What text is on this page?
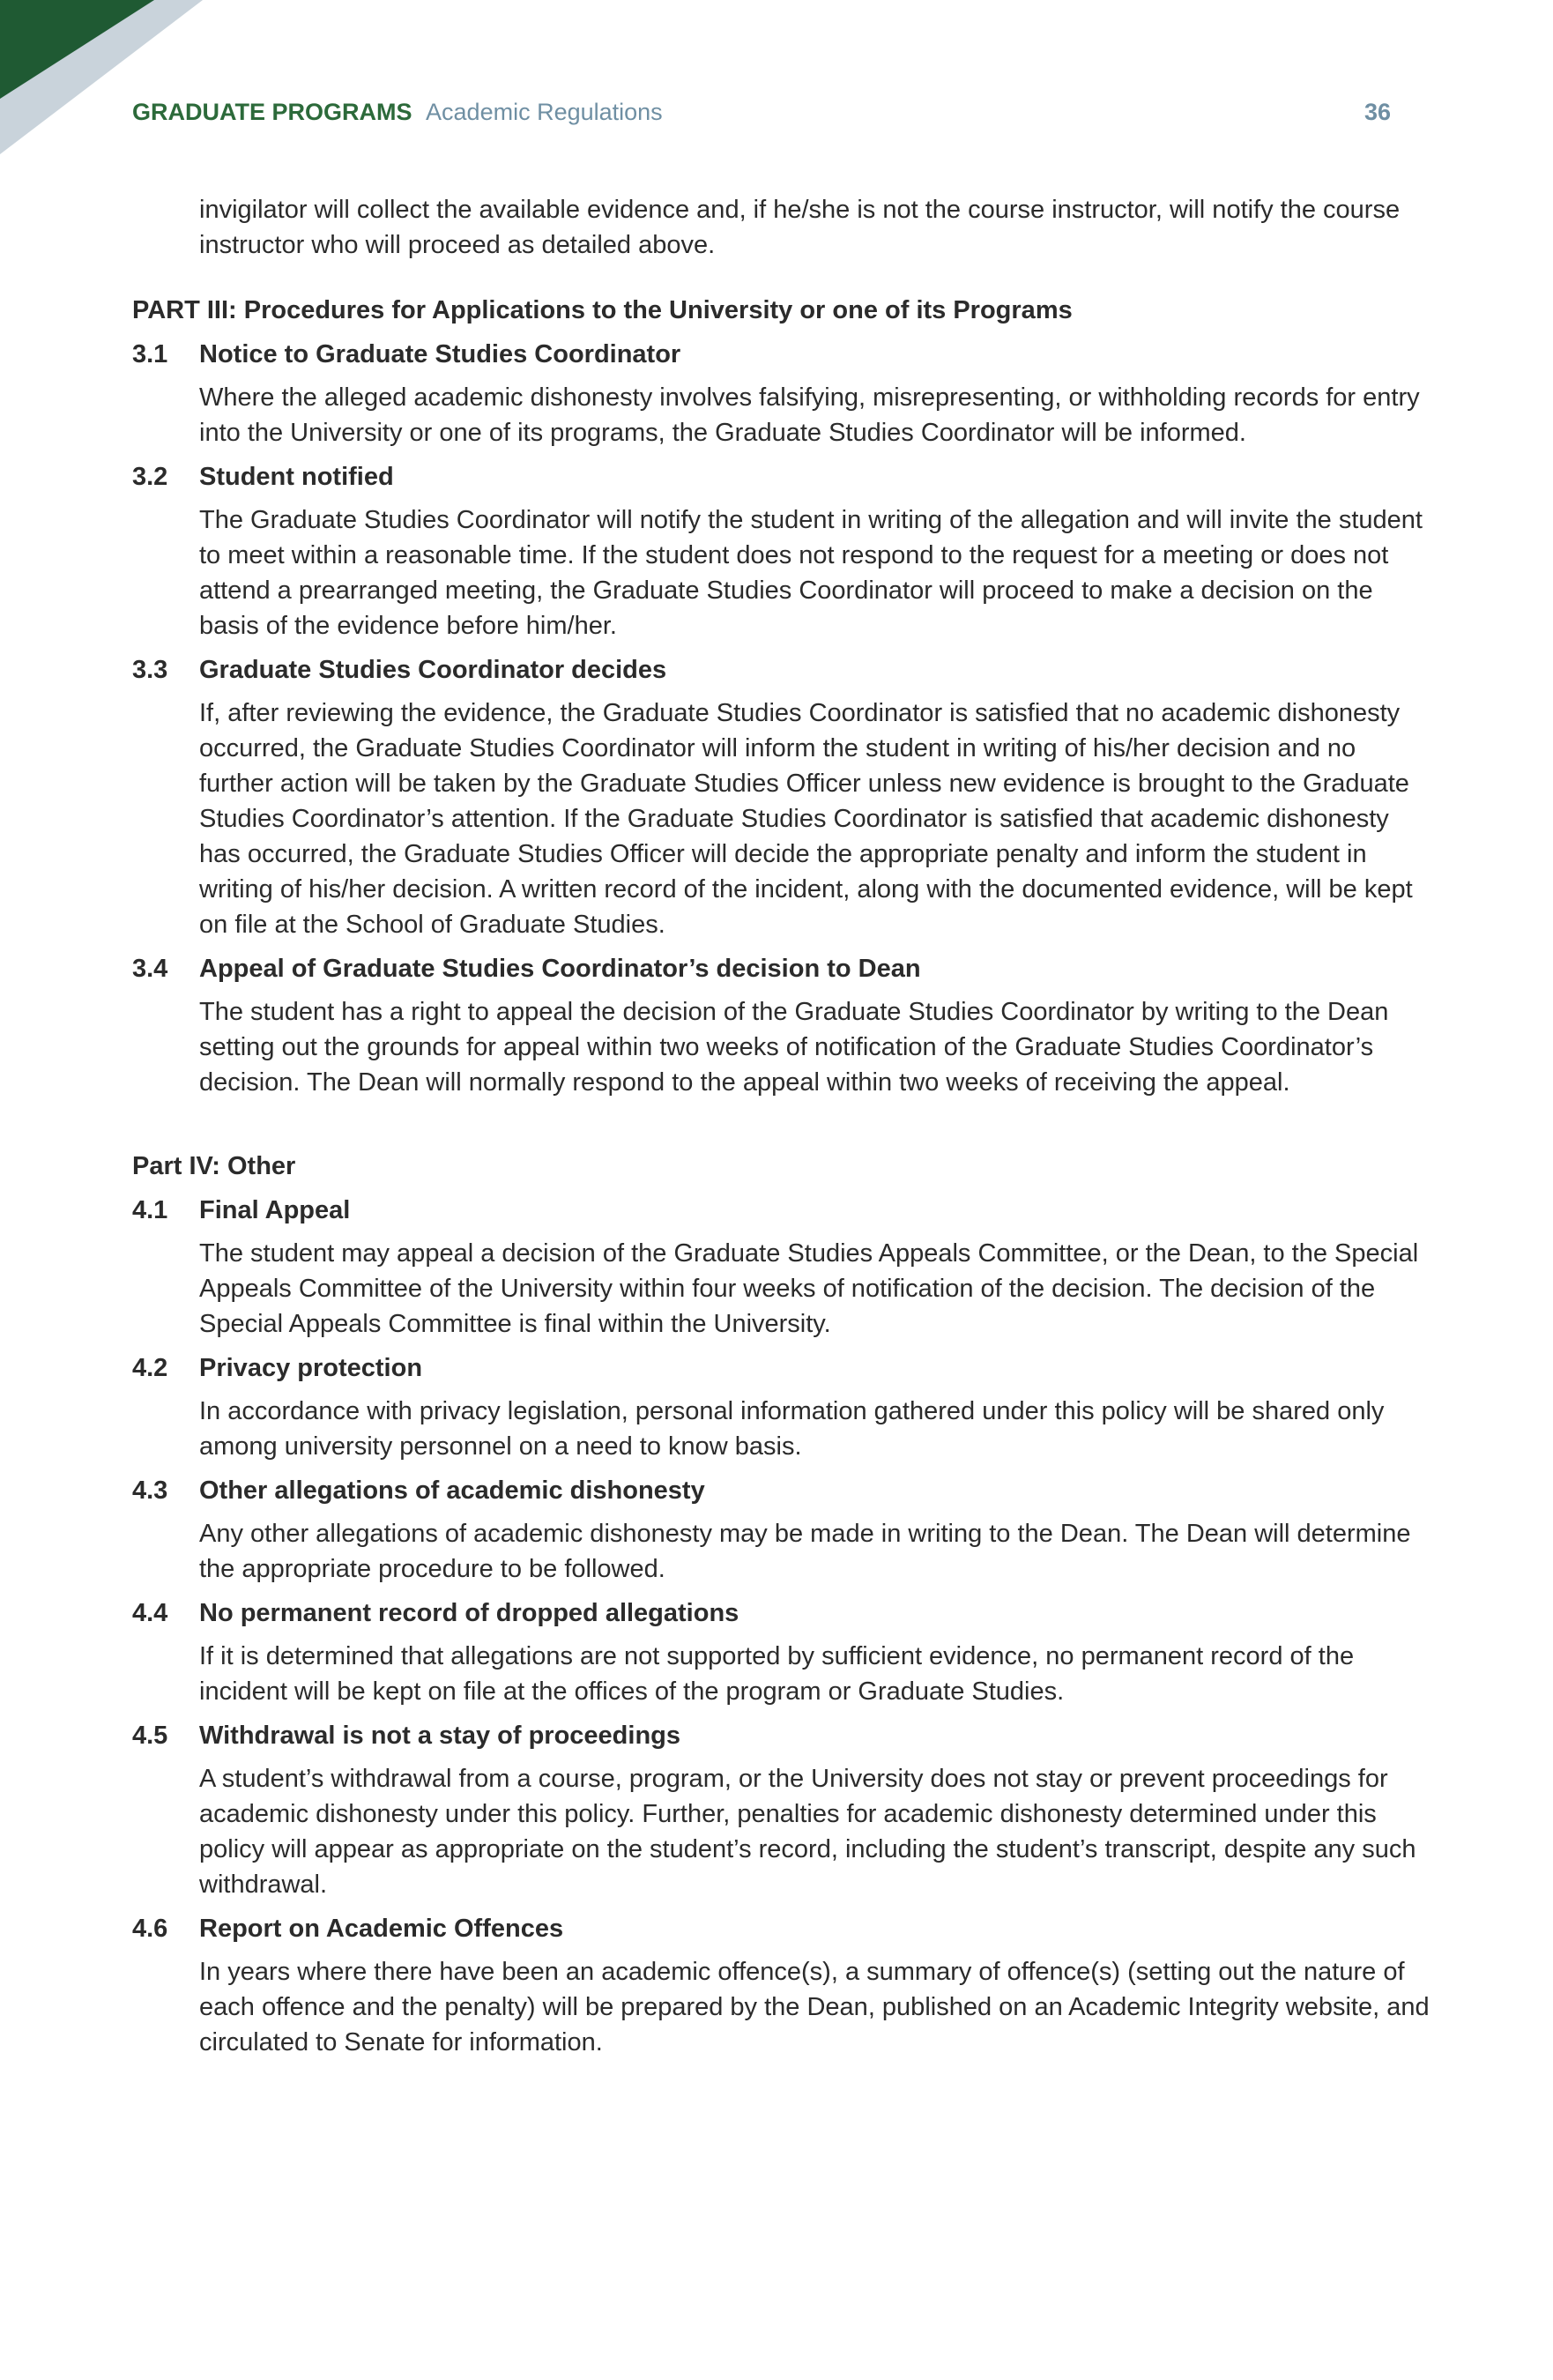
GRADUATE PROGRAMS Academic Regulations	36

invigilator will collect the available evidence and, if he/she is not the course instructor, will notify the course instructor who will proceed as detailed above.

PART III: Procedures for Applications to the University or one of its Programs

3.1	Notice to Graduate Studies Coordinator
Where the alleged academic dishonesty involves falsifying, misrepresenting, or withholding records for entry into the University or one of its programs, the Graduate Studies Coordinator will be informed.
3.2	Student notified
The Graduate Studies Coordinator will notify the student in writing of the allegation and will invite the student to meet within a reasonable time. If the student does not respond to the request for a meeting or does not attend a prearranged meeting, the Graduate Studies Coordinator will proceed to make a decision on the basis of the evidence before him/her.
3.3	Graduate Studies Coordinator decides
If, after reviewing the evidence, the Graduate Studies Coordinator is satisfied that no academic dishonesty occurred, the Graduate Studies Coordinator will inform the student in writing of his/her decision and no further action will be taken by the Graduate Studies Officer unless new evidence is brought to the Graduate Studies Coordinator’s attention. If the Graduate Studies Coordinator is satisfied that academic dishonesty has occurred, the Graduate Studies Officer will decide the appropriate penalty and inform the student in writing of his/her decision. A written record of the incident, along with the documented evidence, will be kept on file at the School of Graduate Studies.
3.4	Appeal of Graduate Studies Coordinator’s decision to Dean
The student has a right to appeal the decision of the Graduate Studies Coordinator by writing to the Dean setting out the grounds for appeal within two weeks of notification of the Graduate Studies Coordinator’s decision. The Dean will normally respond to the appeal within two weeks of receiving the appeal.

Part IV: Other

4.1	Final Appeal
The student may appeal a decision of the Graduate Studies Appeals Committee, or the Dean, to the Special Appeals Committee of the University within four weeks of notification of the decision. The decision of the Special Appeals Committee is final within the University.
4.2	Privacy protection
In accordance with privacy legislation, personal information gathered under this policy will be shared only among university personnel on a need to know basis.
4.3	Other allegations of academic dishonesty
Any other allegations of academic dishonesty may be made in writing to the Dean. The Dean will determine the appropriate procedure to be followed.
4.4	No permanent record of dropped allegations
If it is determined that allegations are not supported by sufficient evidence, no permanent record of the incident will be kept on file at the offices of the program or Graduate Studies.
4.5	Withdrawal is not a stay of proceedings
A student’s withdrawal from a course, program, or the University does not stay or prevent proceedings for academic dishonesty under this policy. Further, penalties for academic dishonesty determined under this policy will appear as appropriate on the student’s record, including the student’s transcript, despite any such withdrawal.
4.6	Report on Academic Offences
In years where there have been an academic offence(s), a summary of offence(s) (setting out the nature of each offence and the penalty) will be prepared by the Dean, published on an Academic Integrity website, and circulated to Senate for information.
